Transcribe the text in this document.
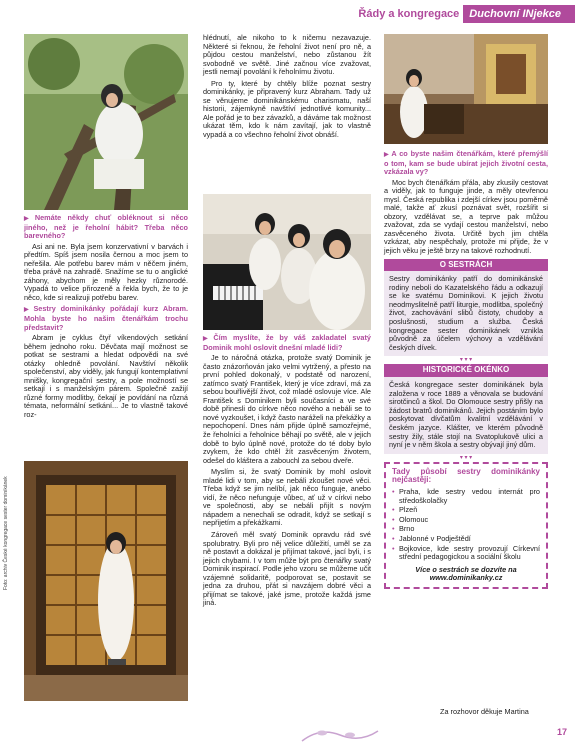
Řády a kongregace Duchovní INjekce
▶ Nemáte někdy chuť obléknout si něco jiného, než je řeholní hábit? Třeba něco barevného?

Asi ani ne. Byla jsem konzervativní v barvách i předtím. Spíš jsem nosila černou a moc jsem to neřešila. Ale potřebu barev mám v něčem jiném, třeba právě na zahradě. Snažíme se tu o anglické záhony, abychom je měly hezky různorodé. Vypadá to velice přirozeně a řekla bych, že to je něco, kde si realizuji potřebu barev.

▶ Sestry dominikánky pořádají kurz Abram. Mohla byste ho našim čtenářkám trochu představit?

Abram je cyklus čtyř víkendových setkání během jednoho roku. Děvčata mají možnost se potkat se sestrami a hledat odpovědi na své otázky ohledně povolání. Navštíví několik společenství, aby viděly, jak fungují kontemplativní mnišky, kongregační sestry, a pole možností se setkají i s manželským párem. Společně zažijí různé formy modlitby, čekají je povídání na různá témata, neformální setkání... Je to vlastně takové roz-

Foto: archiv České kongregace sester dominikánek

hlédnutí, ale nikoho to k ničemu nezavazuje. Některé si řeknou, že řeholní život není pro ně, a půjdou cestou manželství, nebo zůstanou žít svobodně ve světě. Jiné začnou více zvažovat, jestli nemají povolání k řeholnímu životu.

Pro ty, které by chtěly blíže poznat sestry dominikánky, je připravený kurz Abraham. Tady už se věnujeme dominikánskému charismatu, naší historii, zájemkyně navštíví jednotlivé komunity... Ale pořád je to bez závazků, a dáváme tak možnost ukázat těm, kdo k nám zavítají, jak to vlastně vypadá a co všechno řeholní život obnáší.

▶ Čím myslíte, že by váš zakladatel svatý Dominik mohl oslovit dnešní mladé lidi?

Je to náročná otázka, protože svatý Dominik je často znázorňován jako velmi vytržený, a přesto na první pohled dokonalý, v podstatě od narození, zatímco svatý František, který je více zdraví, má za sebou bouřlivější život, což mladé oslovuje více. Ale František s Dominikem byli současníci a ve své době přinesli do církve něco nového a nebáli se to nové vyzkoušet, i když často naráželi na překážky a nepochopení. Dnes nám přijde úplně samozřejmé, že řeholníci a řeholnice běhají po světě, ale v jejich době to bylo úplně nové, protože do té doby bylo zvykem, že kdo chtěl žít zasvěceným životem, odešel do kláštera a zabouchl za sebou dveře.

Myslím si, že svatý Dominik by mohl oslovit mladé lidi v tom, aby se nebáli zkoušet nové věci. Třeba když se jim nelíbí, jak něco funguje, anebo vidí, že něco nefunguje vůbec, ať už v církvi nebo ve společnosti, aby se nebáli přijít s novým nápadem a nenechali se odradit, když se setkají s nepřijetím a překážkami.

Zároveň měl svatý Dominik opravdu rád své spolubratry. Byli pro něj velice důležití, uměl se za ně postavit a dokázal je přijímat takové, jací byli, i s jejich chybami. I v tom může být pro čtenářky svatý Dominik inspirací. Podle jeho vzoru se můžeme učit vzájemné solidaritě, podporovat se, postavit se jedna za druhou, přát si navzájem dobré věci a přijímat se takové, jaké jsme, protože každá jsme jiná.

▶ A co byste našim čtenářkám, které přemýšlí o tom, kam se bude ubírat jejich životní cesta, vzkázala vy?

Moc bych čtenářkám přála, aby zkusily cestovat a viděly, jak to funguje jinde, a měly otevřenou mysl. Česká republika i zdejší církev jsou poměrně malé, takže ať zkusí poznávat svět, rozšířit si obzory, vzdělávat se, a teprve pak můžou zvažovat, zda se vydají cestou manželství, nebo zasvěceného života. Určitě bych jim chtěla vzkázat, aby nespěchaly, protože mi přijde, že v jejich věku je ještě brzy na takové rozhodnutí.

O SESTRÁCH
Sestry dominikánky patří do dominikánské rodiny neboli do Kazatelského řádu a odkazují se ke svatému Dominikovi. K jejich životu neodmyslitelně patří liturgie, modlitba, společný život, zachovávání slibů čistoty, chudoby a poslušnosti, studium a služba. Česká kongregace sester dominikánek vznikla původně za účelem výchovy a vzdělávání českých dívek.
▾ ▾ ▾
HISTORICKÉ OKÉNKO
Česká kongregace sester dominikánek byla založena v roce 1889 a věnovala se budování sirotčinců a škol. Do Olomouce sestry přišly na žádost bratrů dominikánů. Jejich postáním bylo poskytovat dívčatům kvalitní vzdělávání v českém jazyce. Klášter, ve kterém původně sestry žily, stále stojí na Svatoplukově ulici a nyní je v něm škola a sestry obývají jiný dům.
▾ ▾ ▾
Tady působí sestry dominikánky nejčastěji:
• Praha, kde sestry vedou internát pro středoškolačky
• Plzeň
• Olomouc
• Brno
• Jablonné v Podještědí
• Bojkovice, kde sestry provozují Církevní střední pedagogickou a sociální školu
Více o sestrách se dozvíte na www.dominikanky.cz
Za rozhovor děkuje Martina
17
